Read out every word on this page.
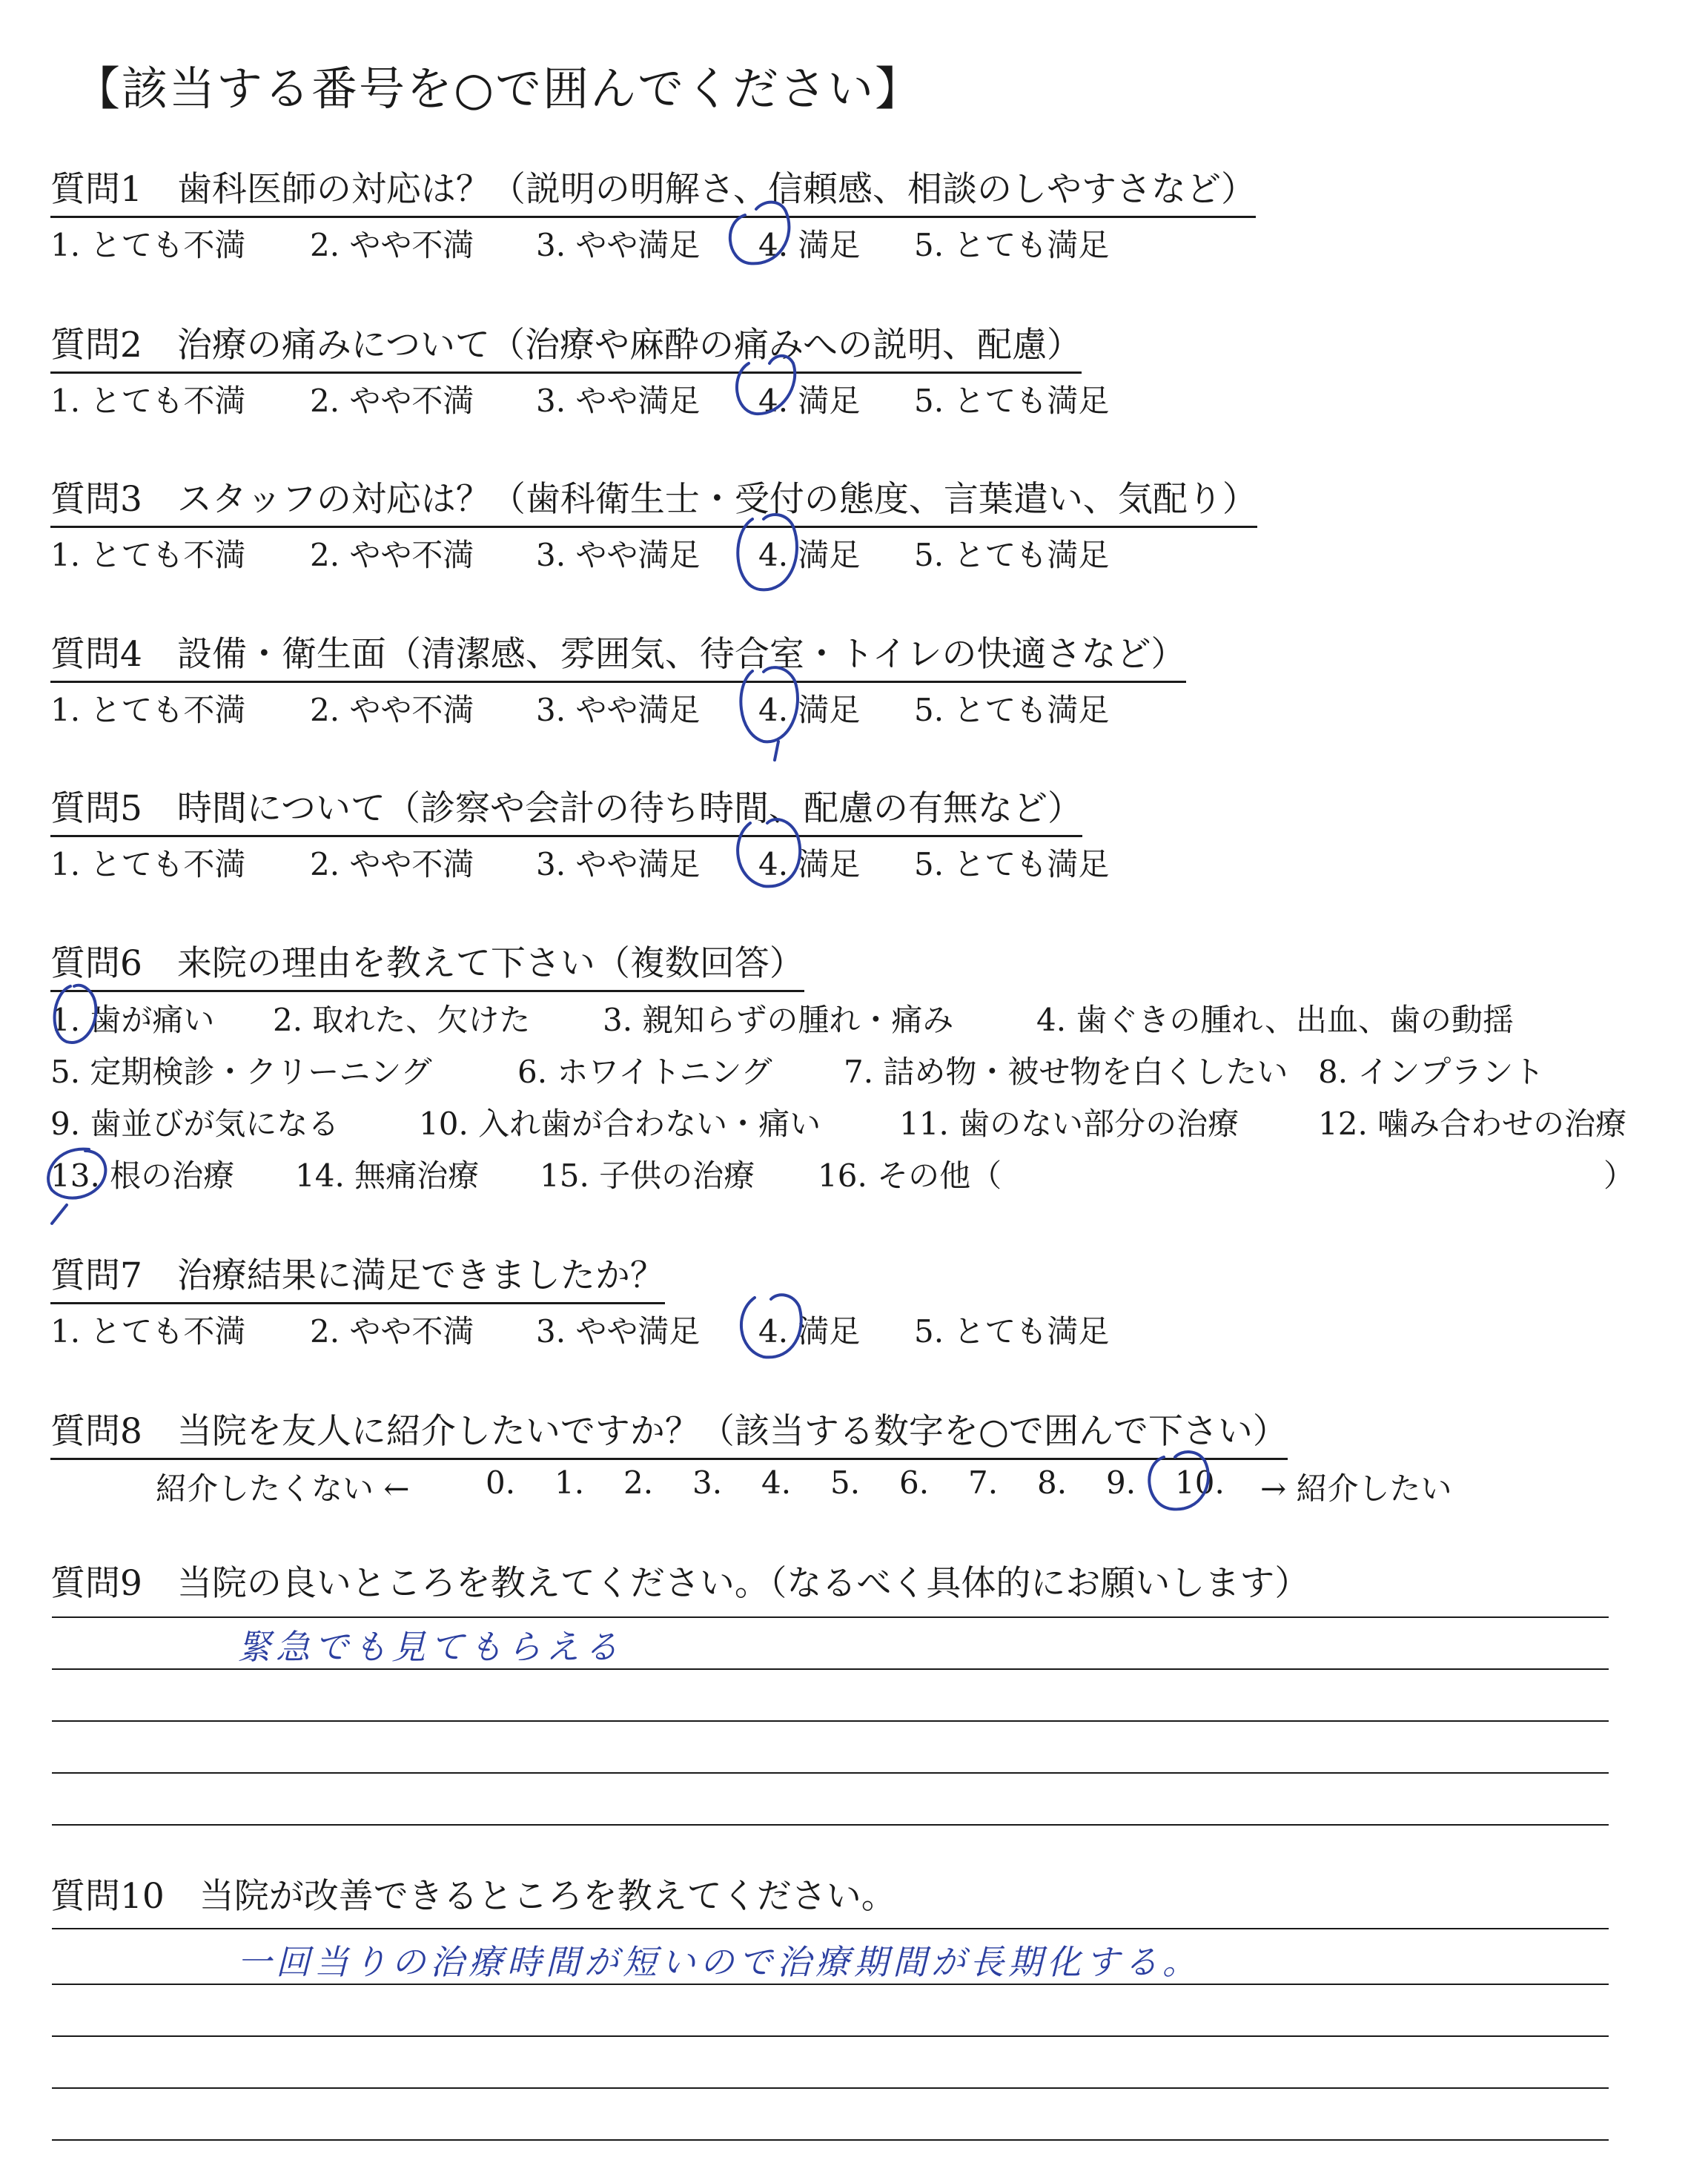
【該当する番号を○で囲んでください】
質問1　歯科医師の対応は？（説明の明解さ、信頼感、相談のしやすさなど）
1. とても不満 2. やや不満 3. やや満足 4. 満足 5. とても満足
質問2　治療の痛みについて（治療や麻酔の痛みへの説明、配慮）
1. とても不満 2. やや不満 3. やや満足 4. 満足 5. とても満足
質問3　スタッフの対応は？（歯科衛生士・受付の態度、言葉遣い、気配り）
1. とても不満 2. やや不満 3. やや満足 4. 満足 5. とても満足
質問4　設備・衛生面（清潔感、雰囲気、待合室・トイレの快適さなど）
1. とても不満 2. やや不満 3. やや満足 4. 満足 5. とても満足
質問5　時間について（診察や会計の待ち時間、配慮の有無など）
1. とても不満 2. やや不満 3. やや満足 4. 満足 5. とても満足
質問6　来院の理由を教えて下さい（複数回答）
1. 歯が痛い 2. 取れた、欠けた 3. 親知らずの腫れ・痛み	4. 歯ぐきの腫れ、出血、歯の動揺
5. 定期検診・クリーニング	6. ホワイトニング 7. 詰め物・被せ物を白くしたい 8. インプラント
9. 歯並びが気になる	10. 入れ歯が合わない・痛い	11. 歯のない部分の治療	12. 噛み合わせの治療
13. 根の治療 14. 無痛治療 15. 子供の治療 16. その他（	）
質問7　治療結果に満足できましたか？
1. とても不満 2. やや不満 3. やや満足 4. 満足 5. とても満足
質問8　当院を友人に紹介したいですか？（該当する数字を○で囲んで下さい）
紹介したくない ← 0. 1. 2. 3. 4. 5. 6. 7. 8. 9. 10. → 紹介したい
質問9　当院の良いところを教えてください。（なるべく具体的にお願いします）
緊急でも見てもらえる
質問10　当院が改善できるところを教えてください。
一回当りの治療時間が短いので治療期間が長期化する。
